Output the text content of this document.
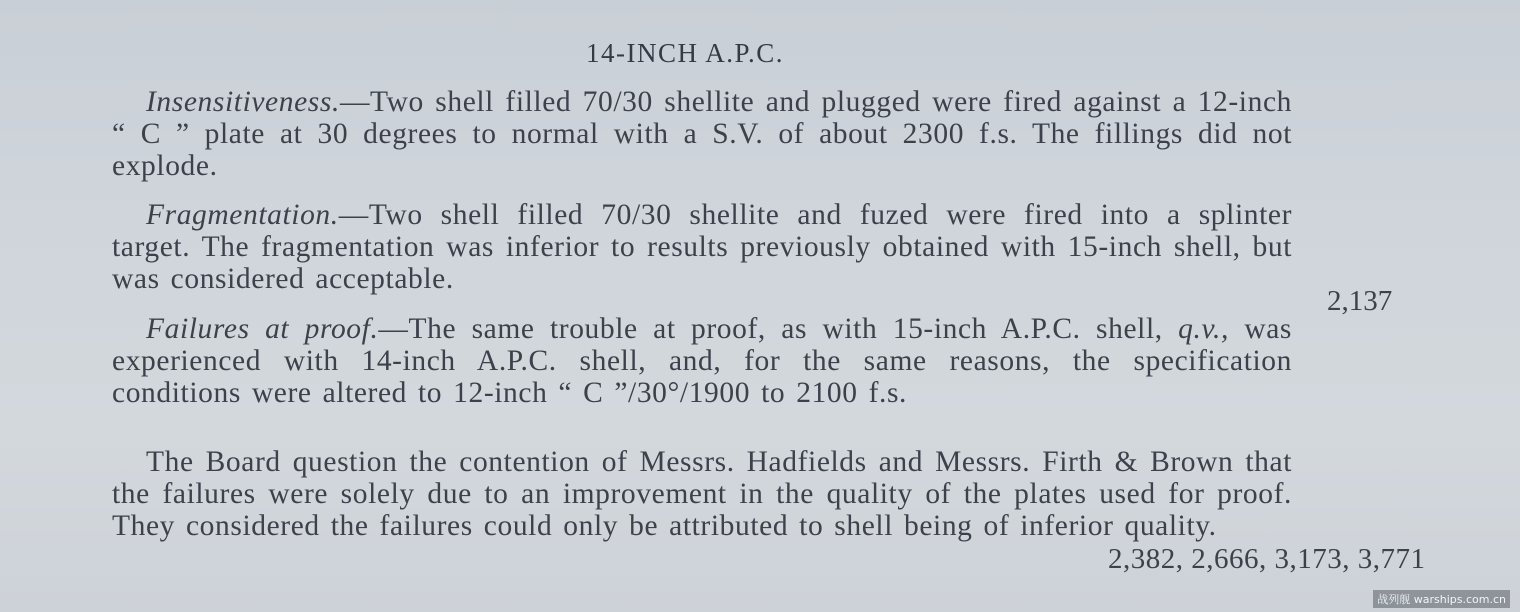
14-INCH A.P.C.
Insensitiveness.—Two shell filled 70/30 shellite and plugged were fired against a 12-inch “ C ” plate at 30 degrees to normal with a S.V. of about 2300 f.s. The fillings did not explode.
Fragmentation.—Two shell filled 70/30 shellite and fuzed were fired into a splinter target. The fragmentation was inferior to results previously obtained with 15-inch shell, but was considered acceptable.
2,137
Failures at proof.—The same trouble at proof, as with 15-inch A.P.C. shell, q.v., was experienced with 14-inch A.P.C. shell, and, for the same reasons, the specification conditions were altered to 12-inch “ C ”/30°/1900 to 2100 f.s.
The Board question the contention of Messrs. Hadfields and Messrs. Firth & Brown that the failures were solely due to an improvement in the quality of the plates used for proof. They considered the failures could only be attributed to shell being of inferior quality.
2,382, 2,666, 3,173, 3,771
战列舰 warships.com.cn
